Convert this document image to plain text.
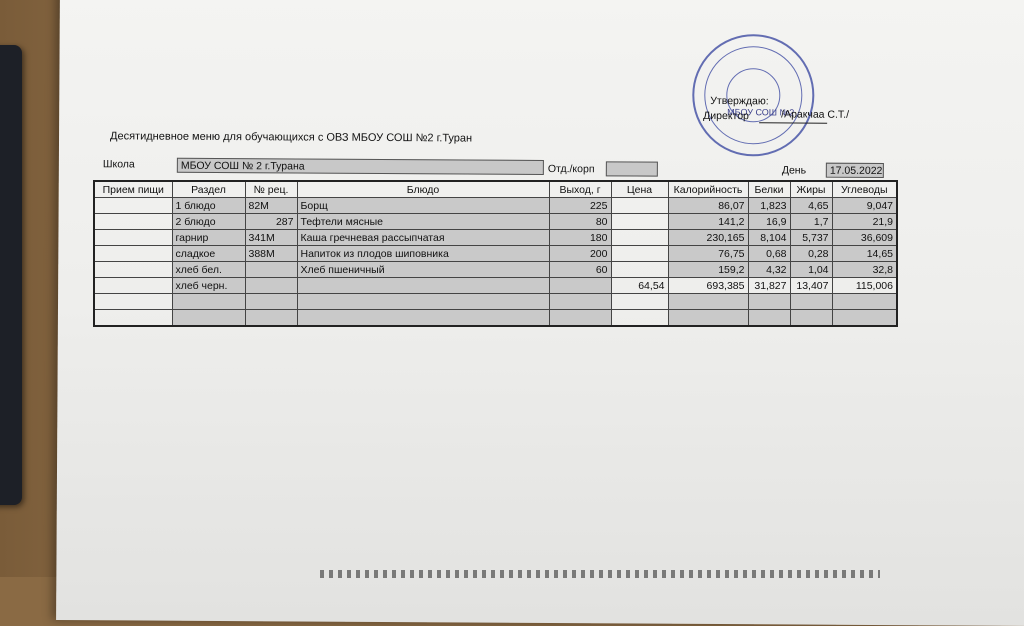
Утверждаю:
МБОУ СОШ №2
Директор	/Аракчаа С.Т./
Десятидневное меню для обучающихся с ОВЗ МБОУ СОШ №2 г.Туран
Школа	МБОУ СОШ № 2 г.Турана	Отд./корп	День	17.05.2022
Прием пищи	Раздел	№ рец.	Блюдо	Выход, г	Цена	Калорийность	Белки	Жиры	Углеводы
	1 блюдо	82М	Борщ	225		86,07	1,823	4,65	9,047
	2 блюдо	287	Тефтели мясные	80		141,2	16,9	1,7	21,9
	гарнир	341М	Каша гречневая рассыпчатая	180		230,165	8,104	5,737	36,609
	сладкое	388М	Напиток из плодов шиповника	200		76,75	0,68	0,28	14,65
	хлеб бел.		Хлеб пшеничный	60		159,2	4,32	1,04	32,8
	хлеб черн.				64,54	693,385	31,827	13,407	115,006
